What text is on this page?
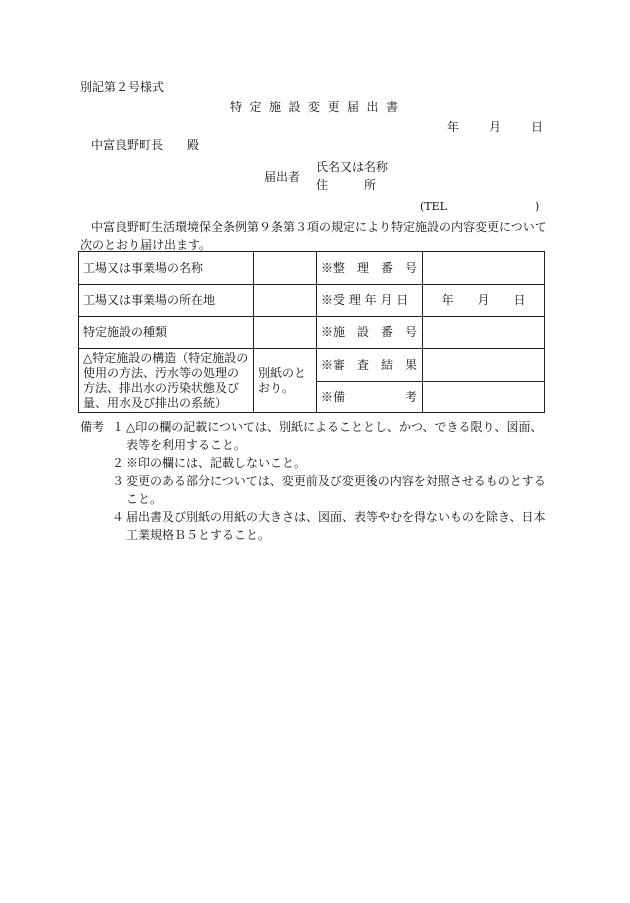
別記第２号様式
特定施設変更届出書
年	月	日
中富良野町長　　殿
届出者
氏名又は名称
住　　　所
(TEL　　　　　　　　)
中富良野町生活環境保全条例第９条第３項の規定により特定施設の内容変更について次のとおり届け出ます。
工場又は事業場の名称		※整　理　番　号	
工場又は事業場の所在地		※受 理 年 月 日	年　　月　　日
特定施設の種類		※施　設　番　号	
△特定施設の構造（特定施設の使用の方法、汚水等の処理の方法、排出水の汚染状態及び量、用水及び排出の系統）	別紙のとおり。	※審　査　結　果	
		※備　　　　　考	
備考 １ △印の欄の記載については、別紙によることとし、かつ、できる限り、図面、表等を利用すること。
２ ※印の欄には、記載しないこと。
３ 変更のある部分については、変更前及び変更後の内容を対照させるものとすること。
４ 届出書及び別紙の用紙の大きさは、図面、表等やむを得ないものを除き、日本工業規格Ｂ５とすること。
